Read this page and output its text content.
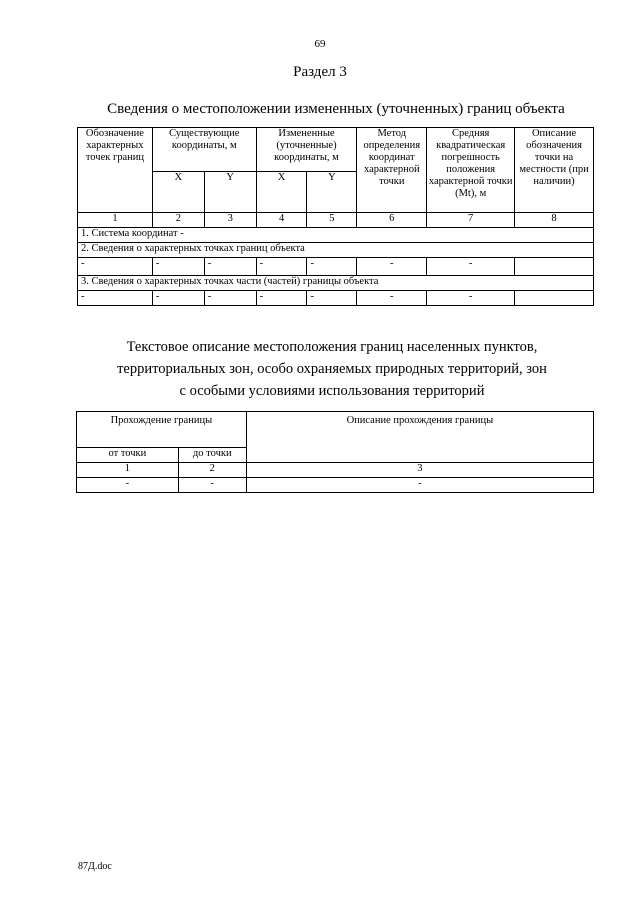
69
Раздел 3
Сведения о местоположении измененных (уточненных) границ объекта
Обозначение характерных точек границ	Существующие координаты, м		Измененные (уточненные) координаты, м		Метод определения координат характерной точки	Средняя квадратическая погрешность положения характерной точки (Mt), м	Описание обозначения точки на местности (при наличии)
	X	Y	X	Y			
1	2	3	4	5	6	7	8
1. Система координат -							
2. Сведения о характерных точках границ объекта							
-	-	-	-	-	-	-	
3. Сведения о характерных точках части (частей) границы объекта							
-	-	-	-	-	-	-	
Текстовое описание местоположения границ населенных пунктов,
территориальных зон, особо охраняемых природных территорий, зон
с особыми условиями использования территорий
Прохождение границы		Описание прохождения границы
от точки	до точки	
1	2	3
-	-	-
87Д.doc
